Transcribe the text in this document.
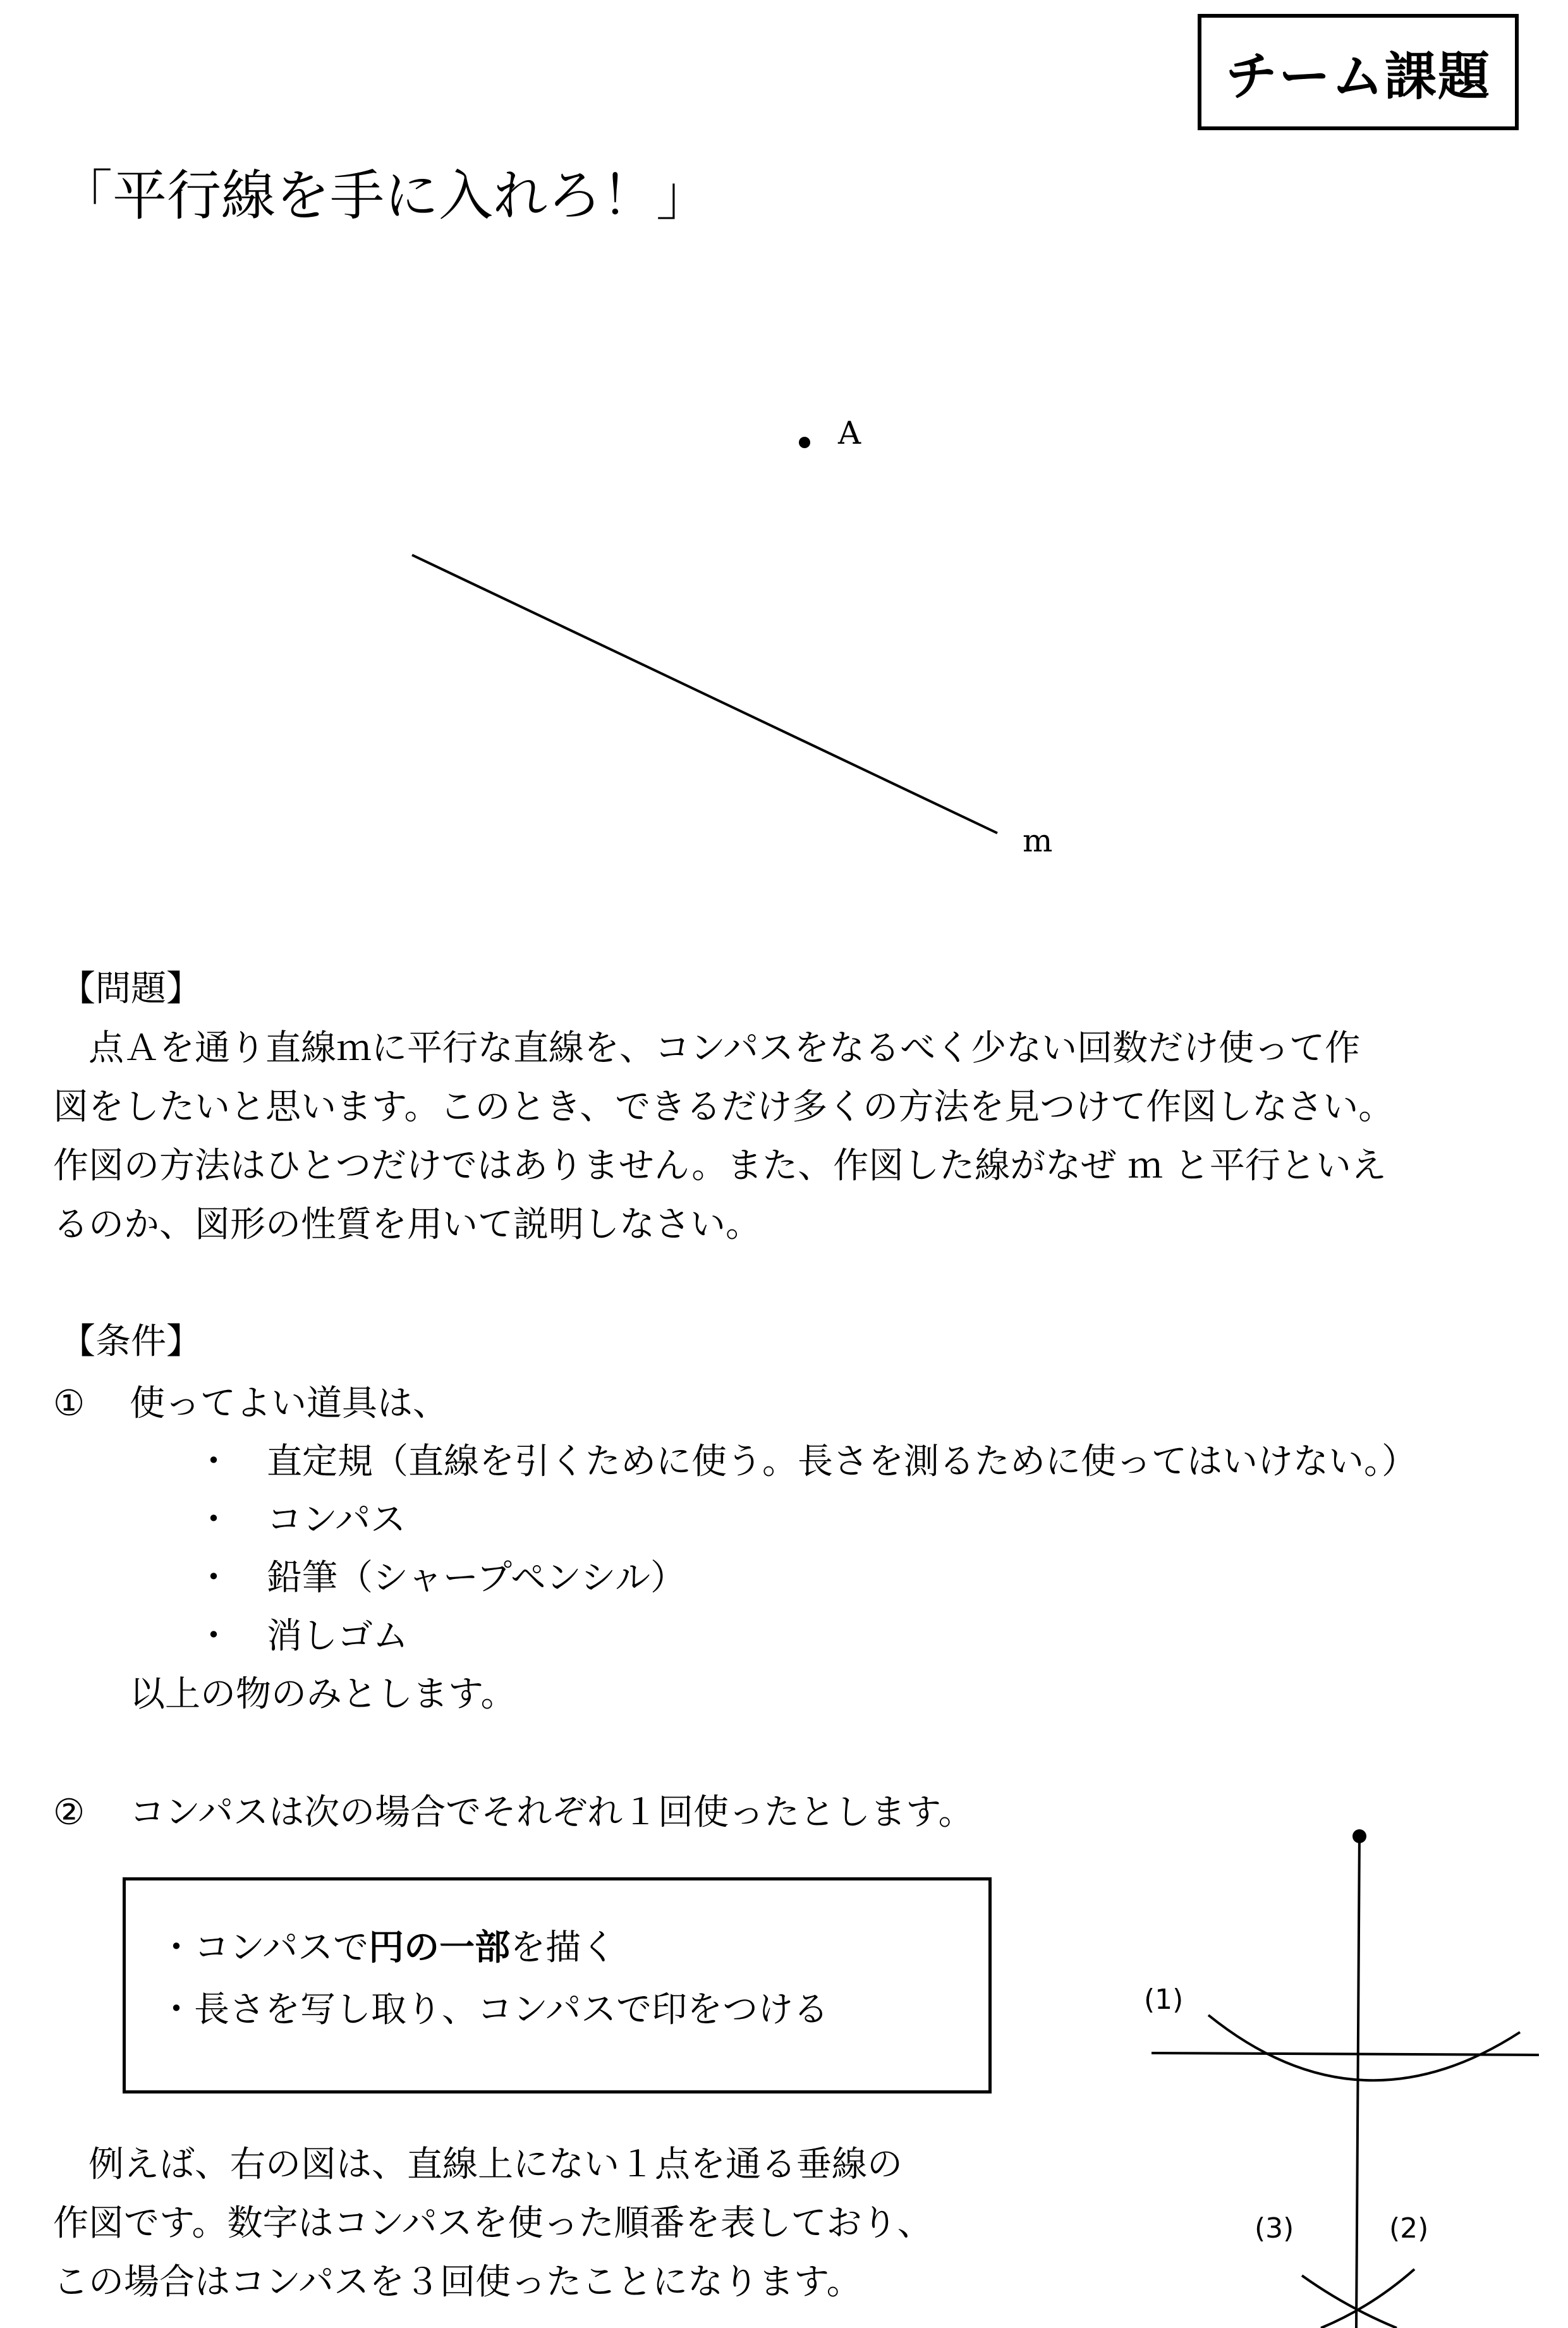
チーム課題
「平行線を手に入れろ！」
A
m
【問題】
　点Ａを通り直線ｍに平行な直線を、コンパスをなるべく少ない回数だけ使って作
図をしたいと思います。このとき、できるだけ多くの方法を見つけて作図しなさい。
作図の方法はひとつだけではありません。また、作図した線がなぜ ｍ と平行といえ
るのか、図形の性質を用いて説明しなさい。
【条件】
① 使ってよい道具は、
・　直定規（直線を引くために使う。長さを測るために使ってはいけない。）
・　コンパス
・　鉛筆（シャープペンシル）
・　消しゴム
以上の物のみとします。
② コンパスは次の場合でそれぞれ１回使ったとします。
・コンパスで円の一部を描く
・長さを写し取り、コンパスで印をつける
　例えば、右の図は、直線上にない１点を通る垂線の
作図です。数字はコンパスを使った順番を表しており、
この場合はコンパスを３回使ったことになります。
(1)
(2)
(3)
